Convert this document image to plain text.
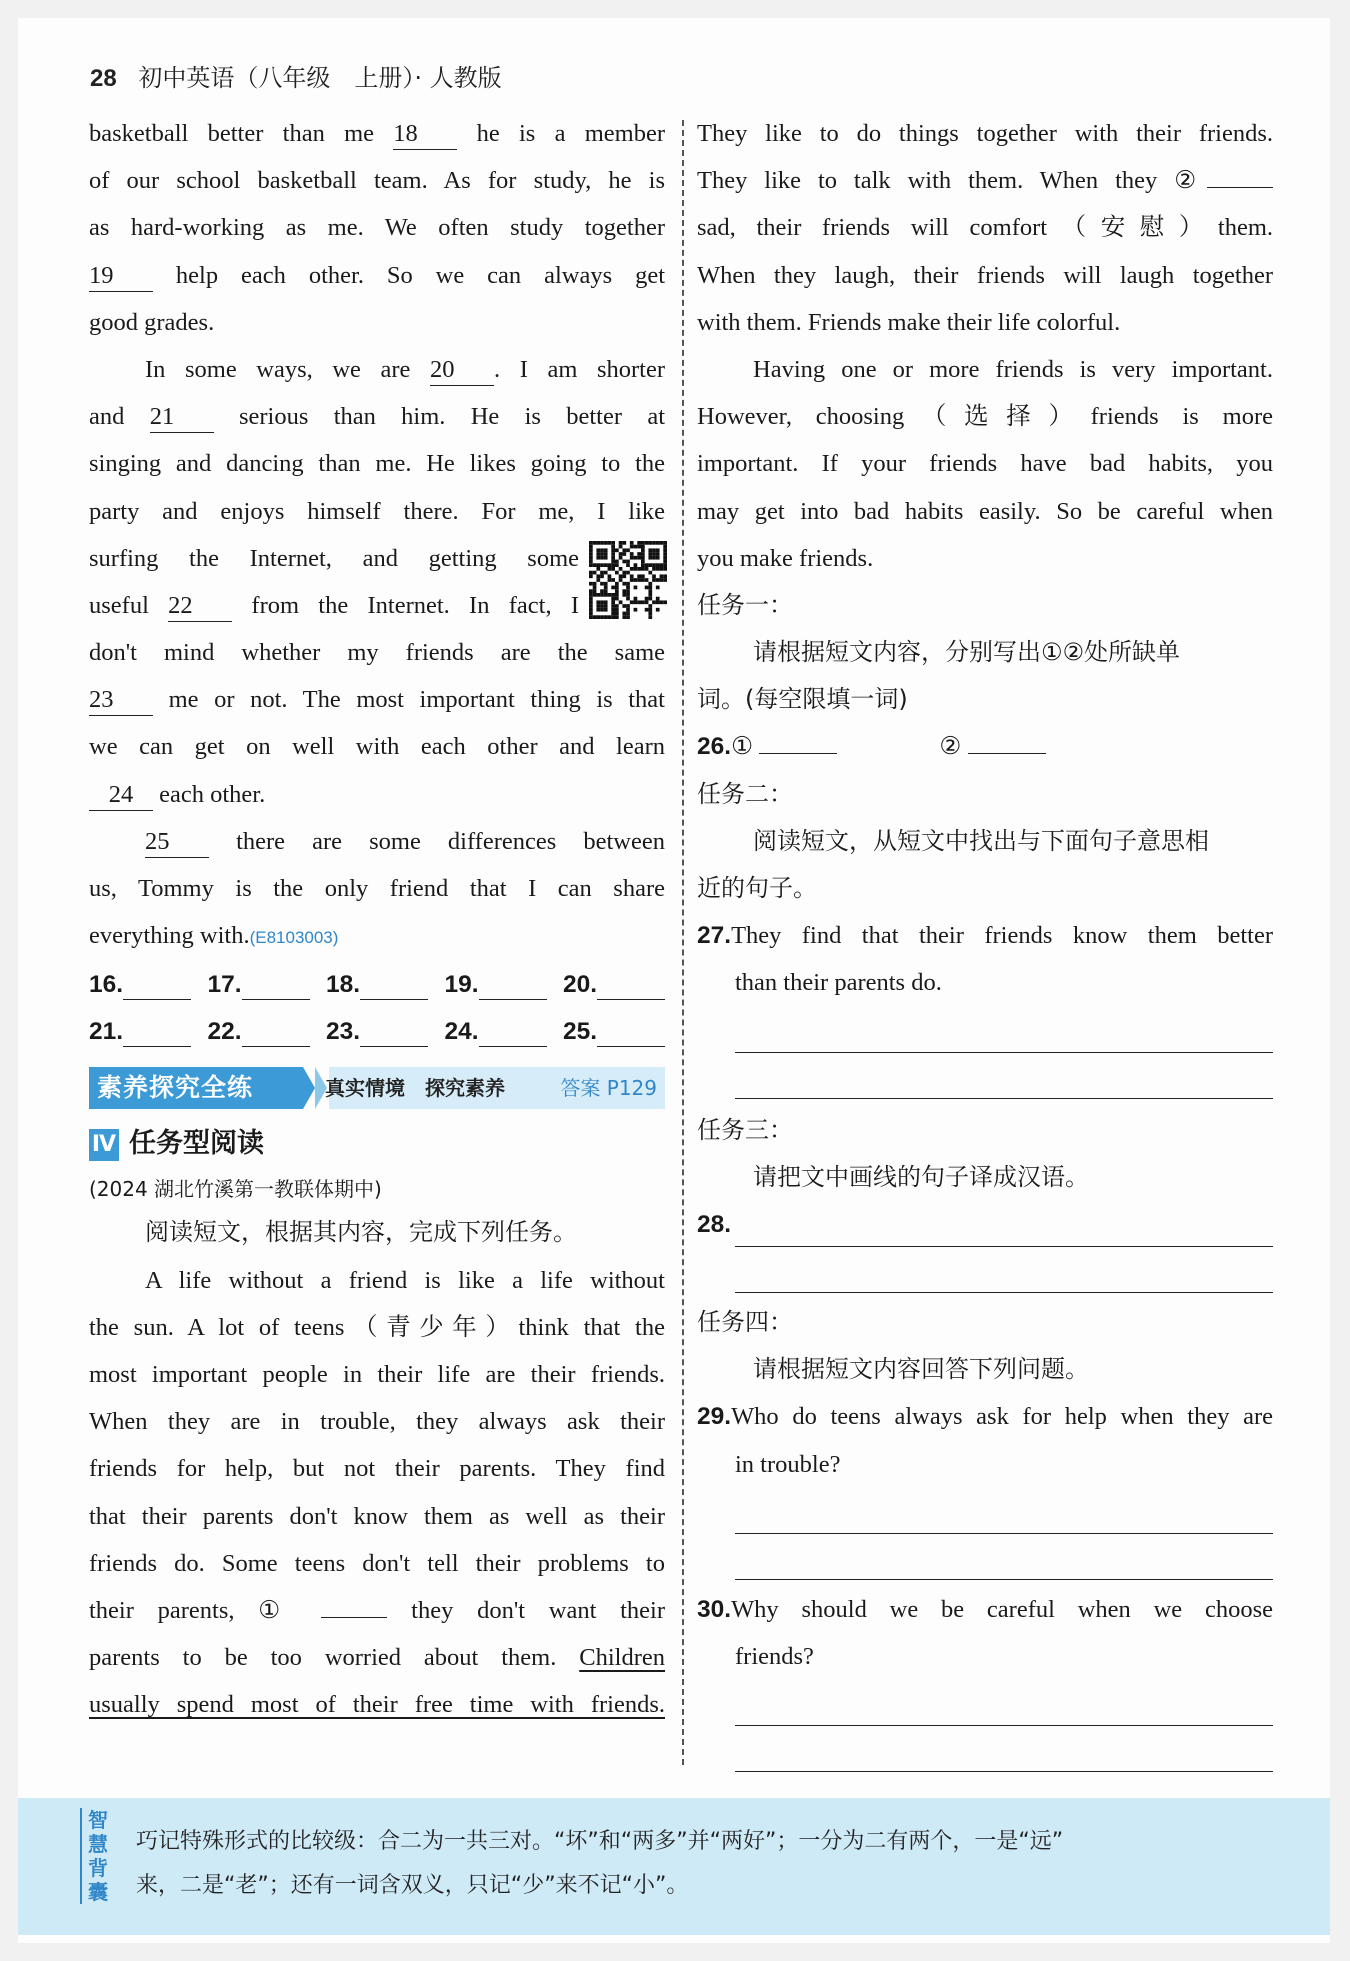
28 初中英语（八年级　上册）· 人教版
basketball better than me 18 he is a member
of our school basketball team. As for study, he is
as hard-working as me. We often study together
19 help each other. So we can always get
good grades.
In some ways, we are 20 . I am shorter
and 21 serious than him. He is better at
singing and dancing than me. He likes going to the
party and enjoys himself there. For me, I like
surfing the Internet, and getting some
useful 22 from the Internet. In fact, I
don't mind whether my friends are the same
23 me or not. The most important thing is that
we can get on well with each other and learn
24 each other.
25 there are some differences between
us, Tommy is the only friend that I can share
everything with.(E8103003)
16.	17.	18.	19.	20.
21.	22.	23.	24.	25.
素养探究全练	真实情境　探究素养	答案 P129
Ⅳ 任务型阅读
(2024 湖北竹溪第一教联体期中)
阅读短文，根据其内容，完成下列任务。
A life without a friend is like a life without
the sun. A lot of teens（青少年）think that the
most important people in their life are their friends.
When they are in trouble, they always ask their
friends for help, but not their parents. They find
that their parents don't know them as well as their
friends do. Some teens don't tell their problems to
their parents, ①	they don't want their
parents to be too worried about them. Children
usually spend most of their free time with friends.
They like to do things together with their friends.
They like to talk with them. When they ②
sad, their friends will comfort（安慰）them.
When they laugh, their friends will laugh together
with them. Friends make their life colorful.
Having one or more friends is very important.
However, choosing（选择）friends is more
important. If your friends have bad habits, you
may get into bad habits easily. So be careful when
you make friends.
任务一：
请根据短文内容，分别写出①②处所缺单
词。(每空限填一词)
26.①	②
任务二：
阅读短文，从短文中找出与下面句子意思相
近的句子。
27.They find that their friends know them better
than their parents do.
任务三：
请把文中画线的句子译成汉语。
28.
任务四：
请根据短文内容回答下列问题。
29.Who do teens always ask for help when they are
in trouble?
30.Why should we be careful when we choose
friends?
智慧背囊
巧记特殊形式的比较级：合二为一共三对。“坏”和“两多”并“两好”；一分为二有两个，一是“远”
来，二是“老”；还有一词含双义，只记“少”来不记“小”。
